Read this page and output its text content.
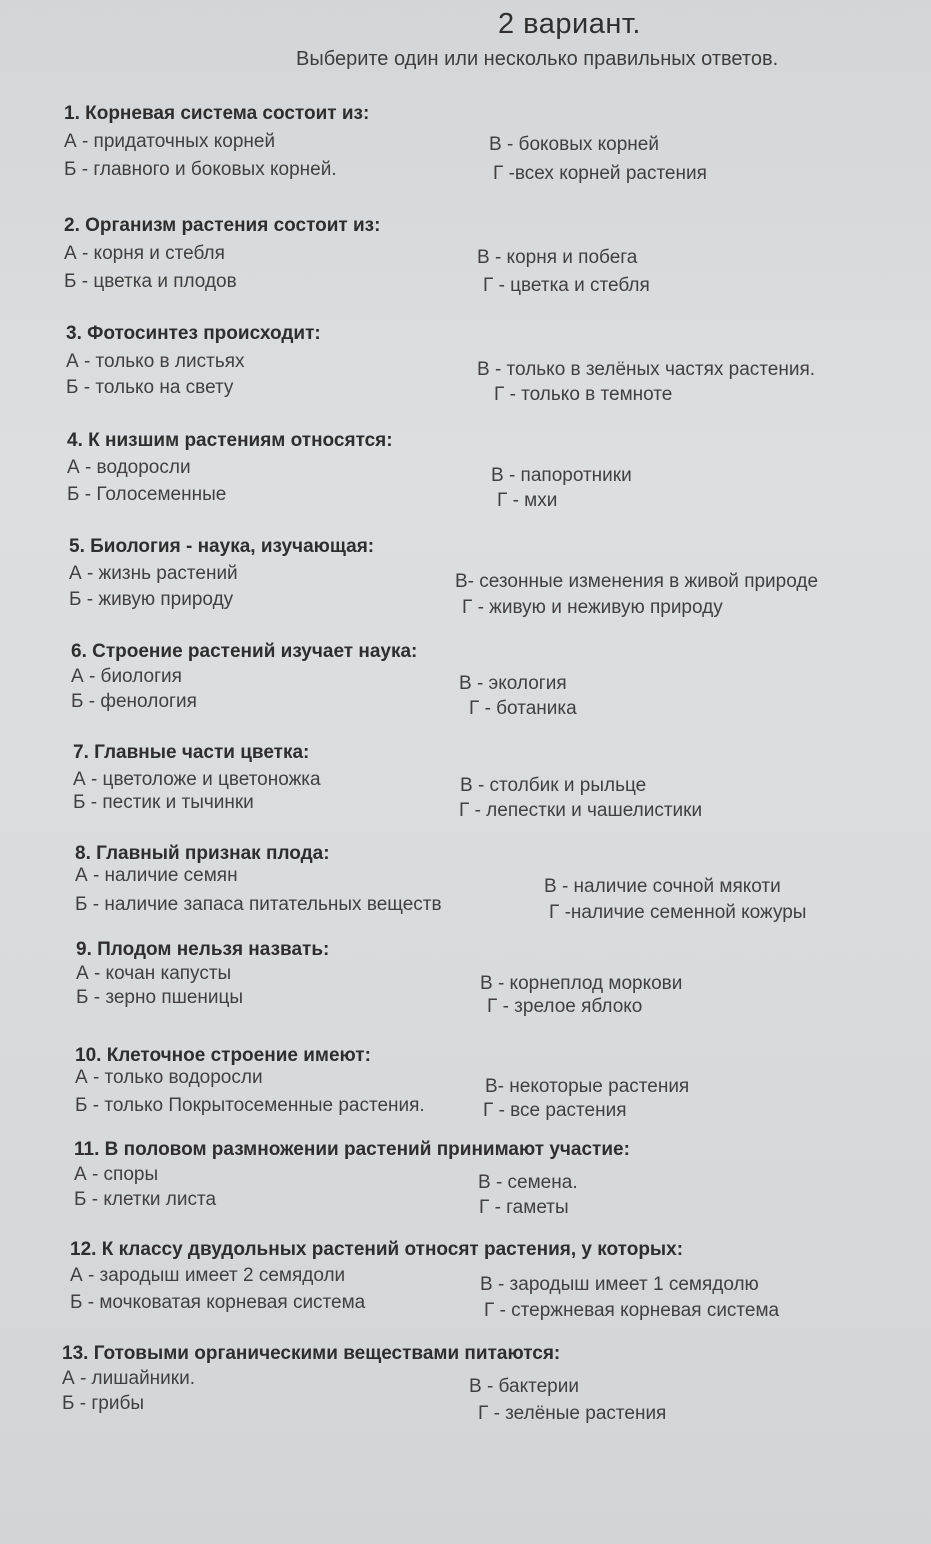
2 вариант.
Выберите один или несколько правильных ответов.
1. Корневая система состоит из:
А - придаточных корней
Б - главного и боковых корней.
В - боковых корней
Г -всех корней растения
2. Организм растения состоит из:
А - корня и стебля
Б - цветка и плодов
В - корня и побега
Г - цветка и стебля
3. Фотосинтез происходит:
А - только в листьях
Б - только на свету
В - только в зелёных частях растения.
Г - только в темноте
4. К низшим растениям относятся:
А - водоросли
Б - Голосеменные
В - папоротники
Г - мхи
5. Биология - наука, изучающая:
А - жизнь растений
Б - живую природу
В- сезонные изменения в живой природе
Г - живую и неживую природу
6. Строение растений изучает наука:
А - биология
Б - фенология
В - экология
Г - ботаника
7. Главные части цветка:
А - цветоложе и цветоножка
Б - пестик и тычинки
В - столбик и рыльце
Г - лепестки и чашелистики
8. Главный признак плода:
А - наличие семян
Б - наличие запаса питательных веществ
В - наличие сочной мякоти
Г -наличие семенной кожуры
9. Плодом нельзя назвать:
А - кочан капусты
Б - зерно пшеницы
В - корнеплод моркови
Г - зрелое яблоко
10. Клеточное строение имеют:
А - только водоросли
Б - только Покрытосеменные растения.
В- некоторые растения
Г - все растения
11. В половом размножении растений принимают участие:
А - споры
Б - клетки листа
В - семена.
Г - гаметы
12. К классу двудольных растений относят растения, у которых:
А - зародыш имеет 2 семядоли
Б - мочковатая корневая система
В - зародыш имеет 1 семядолю
Г - стержневая корневая система
13. Готовыми органическими веществами питаются:
А - лишайники.
Б - грибы
В - бактерии
Г - зелёные растения
